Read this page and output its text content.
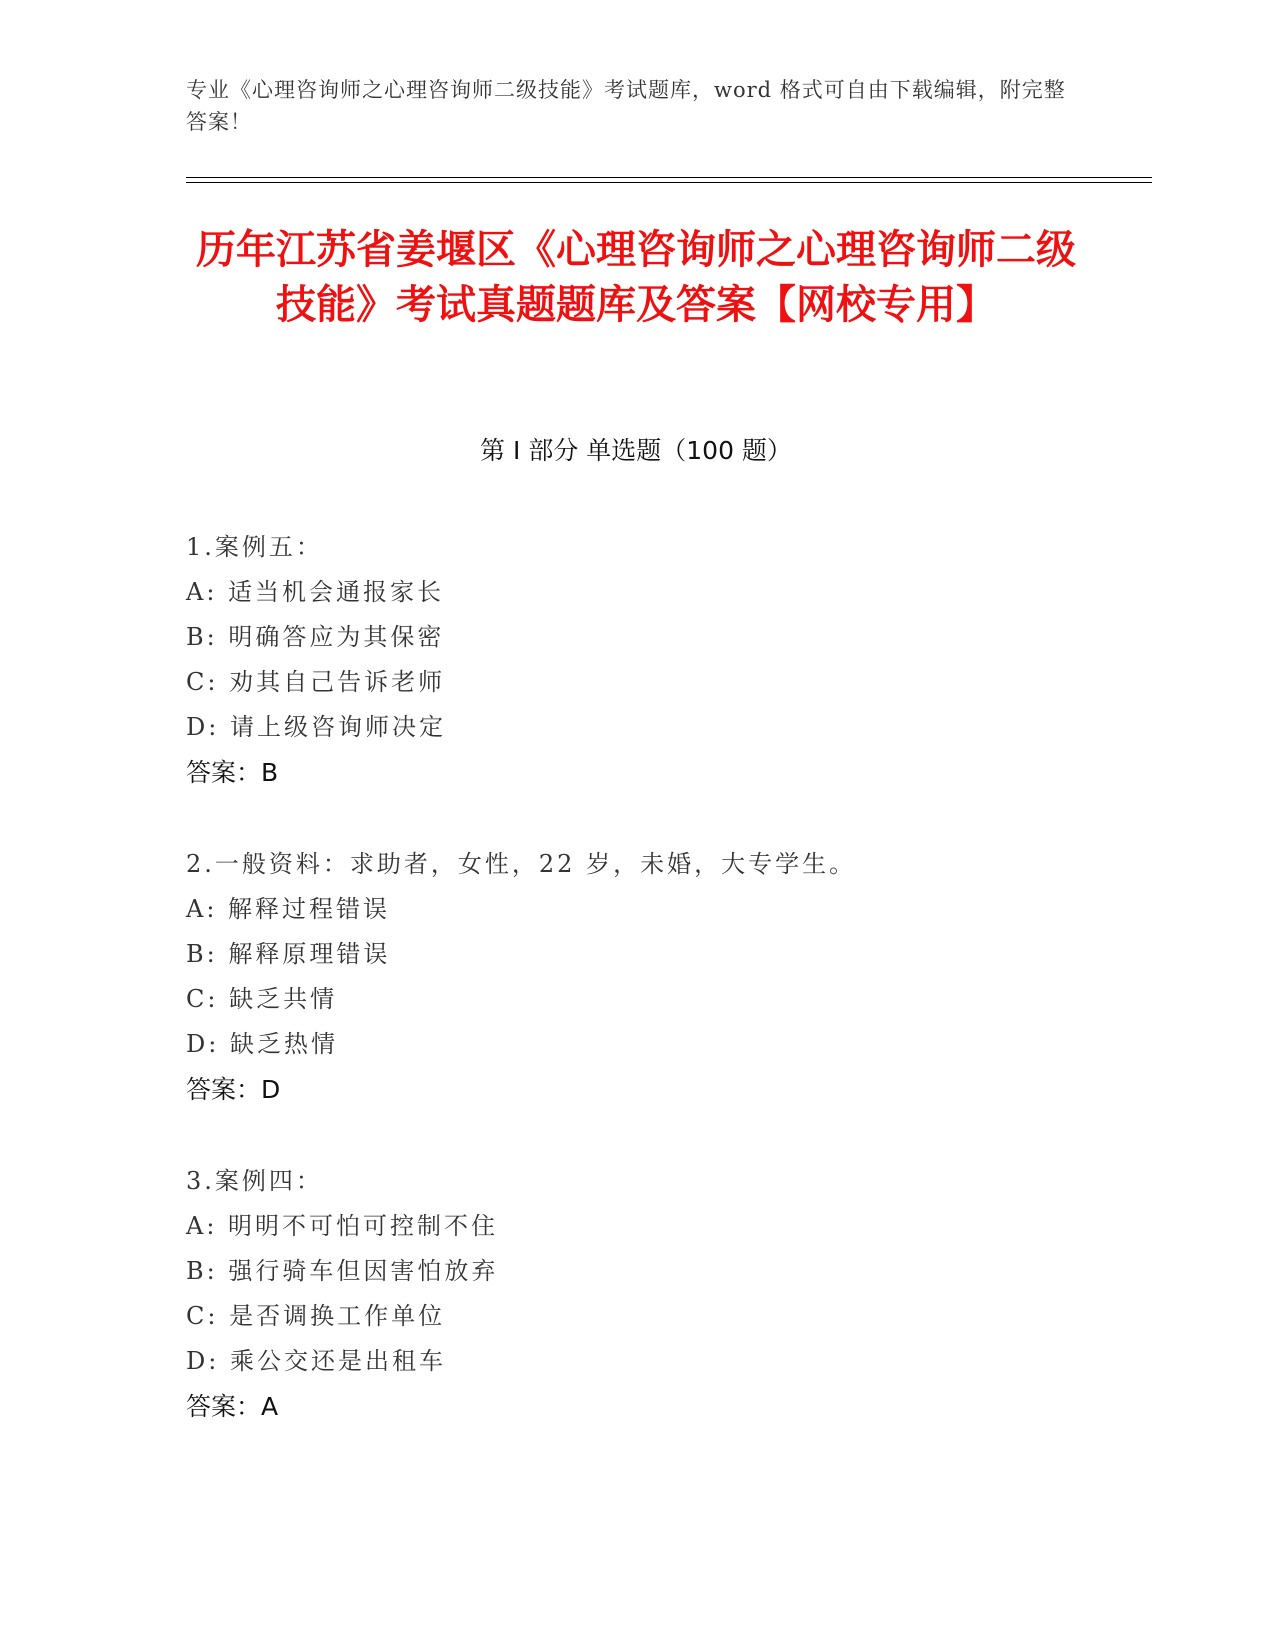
专业《心理咨询师之心理咨询师二级技能》考试题库，word 格式可自由下载编辑，附完整答案！
历年江苏省姜堰区《心理咨询师之心理咨询师二级技能》考试真题题库及答案【网校专用】
第 I 部分 单选题（100 题）
1.案例五：
A: 适当机会通报家长
B: 明确答应为其保密
C: 劝其自己告诉老师
D: 请上级咨询师决定
答案：B
2.一般资料：求助者，女性，22 岁，未婚，大专学生。
A: 解释过程错误
B: 解释原理错误
C: 缺乏共情
D: 缺乏热情
答案：D
3.案例四：
A: 明明不可怕可控制不住
B: 强行骑车但因害怕放弃
C: 是否调换工作单位
D: 乘公交还是出租车
答案：A
